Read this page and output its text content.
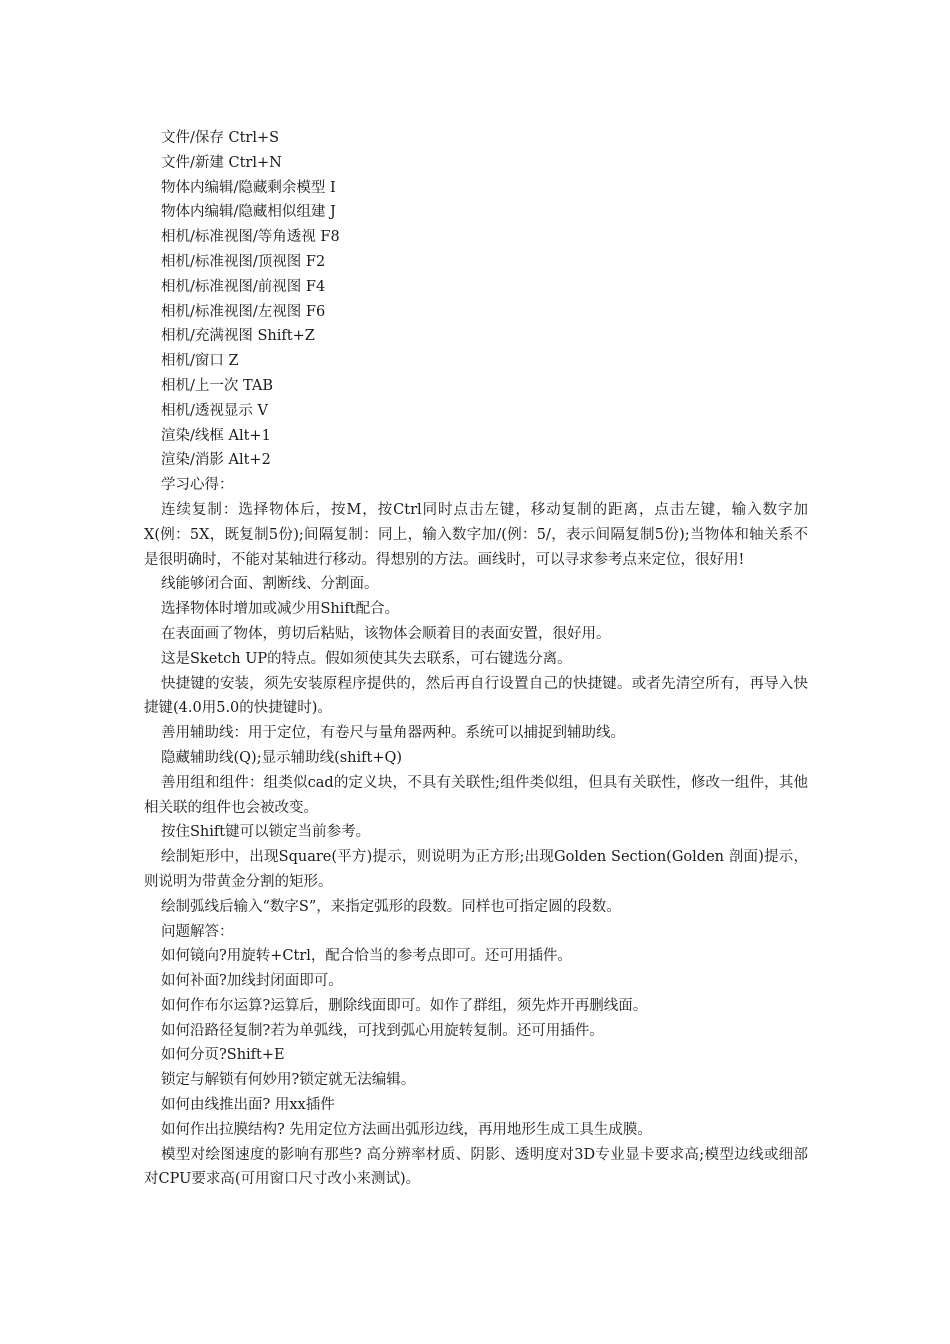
文件/保存 Ctrl+S
文件/新建 Ctrl+N
物体内编辑/隐藏剩余模型 I
物体内编辑/隐藏相似组建 J
相机/标准视图/等角透视 F8
相机/标准视图/顶视图 F2
相机/标准视图/前视图 F4
相机/标准视图/左视图 F6
相机/充满视图 Shift+Z
相机/窗口 Z
相机/上一次 TAB
相机/透视显示 V
渲染/线框 Alt+1
渲染/消影 Alt+2
学习心得：
连续复制：选择物体后，按M，按Ctrl同时点击左键，移动复制的距离，点击左键，输入数字加X(例：5X，既复制5份);间隔复制：同上，输入数字加/(例：5/，表示间隔复制5份);当物体和轴关系不是很明确时，不能对某轴进行移动。得想别的方法。画线时，可以寻求参考点来定位，很好用!
线能够闭合面、割断线、分割面。
选择物体时增加或减少用Shift配合。
在表面画了物体，剪切后粘贴，该物体会顺着目的表面安置，很好用。
这是Sketch UP的特点。假如须使其失去联系，可右键选分离。
快捷键的安装，须先安装原程序提供的，然后再自行设置自己的快捷键。或者先清空所有，再导入快捷键(4.0用5.0的快捷键时)。
善用辅助线：用于定位，有卷尺与量角器两种。系统可以捕捉到辅助线。
隐藏辅助线(Q);显示辅助线(shift+Q)
善用组和组件：组类似cad的定义块，不具有关联性;组件类似组，但具有关联性，修改一组件，其他相关联的组件也会被改变。
按住Shift键可以锁定当前参考。
绘制矩形中，出现Square(平方)提示，则说明为正方形;出现Golden Section(Golden 剖面)提示，则说明为带黄金分割的矩形。
绘制弧线后输入“数字S”，来指定弧形的段数。同样也可指定圆的段数。
问题解答：
如何镜向?用旋转+Ctrl，配合恰当的参考点即可。还可用插件。
如何补面?加线封闭面即可。
如何作布尔运算?运算后，删除线面即可。如作了群组，须先炸开再删线面。
如何沿路径复制?若为单弧线，可找到弧心用旋转复制。还可用插件。
如何分页?Shift+E
锁定与解锁有何妙用?锁定就无法编辑。
如何由线推出面? 用xx插件
如何作出拉膜结构? 先用定位方法画出弧形边线，再用地形生成工具生成膜。
模型对绘图速度的影响有那些? 高分辨率材质、阴影、透明度对3D专业显卡要求高;模型边线或细部对CPU要求高(可用窗口尺寸改小来测试)。
